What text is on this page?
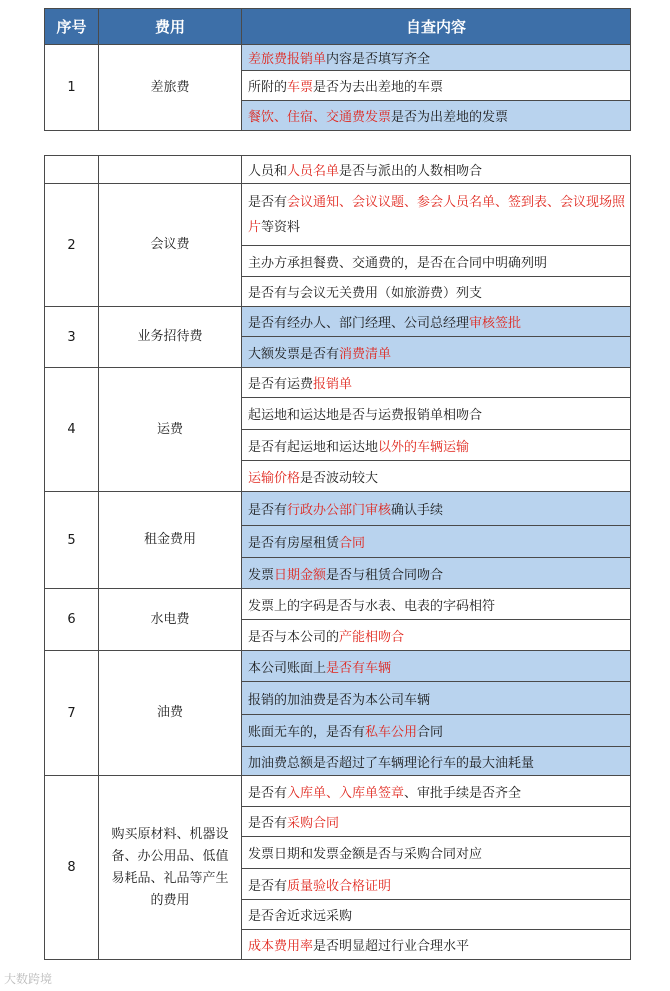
序号	费用	自查内容
1	差旅费	差旅费报销单内容是否填写齐全
		所附的车票是否为去出差地的车票
		餐饮、住宿、交通费发票是否为出差地的发票
		人员和人员名单是否与派出的人数相吻合
2	会议费	是否有会议通知、会议议题、参会人员名单、签到表、会议现场照片等资料
		主办方承担餐费、交通费的，是否在合同中明确列明
		是否有与会议无关费用（如旅游费）列支
3	业务招待费	是否有经办人、部门经理、公司总经理审核签批
		大额发票是否有消费清单
4	运费	是否有运费报销单
		起运地和运达地是否与运费报销单相吻合
		是否有起运地和运达地以外的车辆运输
		运输价格是否波动较大
5	租金费用	是否有行政办公部门审核确认手续
		是否有房屋租赁合同
		发票日期金额是否与租赁合同吻合
6	水电费	发票上的字码是否与水表、电表的字码相符
		是否与本公司的产能相吻合
7	油费	本公司账面上是否有车辆
		报销的加油费是否为本公司车辆
		账面无车的，是否有私车公用合同
		加油费总额是否超过了车辆理论行车的最大油耗量
8	购买原材料、机器设备、办公用品、低值易耗品、礼品等产生的费用	是否有入库单、入库单签章、审批手续是否齐全
		是否有采购合同
		发票日期和发票金额是否与采购合同对应
		是否有质量验收合格证明
		是否舍近求远采购
		成本费用率是否明显超过行业合理水平
大数跨境
